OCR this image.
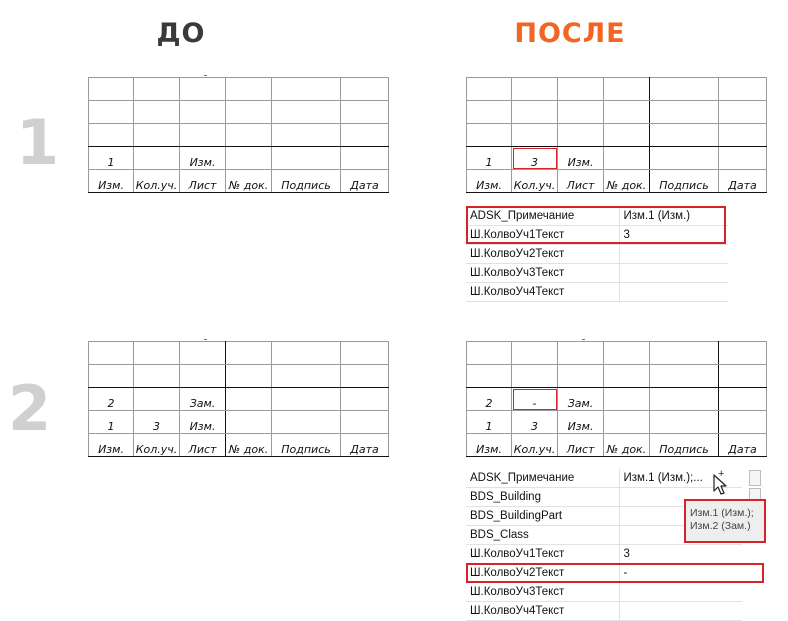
ДО	ПОСЛЕ
1
2

1		Изм.			
Изм.	Кол.уч.	Лист	№ док.	Подпись	Дата

1	3	Изм.			
Изм.	Кол.уч.	Лист	№ док.	Подпись	Дата
ADSK_Примечание	Изм.1 (Изм.)
Ш.КолвоУч1Текст	3
Ш.КолвоУч2Текст	
Ш.КолвоУч3Текст	
Ш.КолвоУч4Текст	

2		Зам.			
1	3	Изм.			
Изм.	Кол.уч.	Лист	№ док.	Подпись	Дата

2	-	Зам.			
1	3	Изм.			
Изм.	Кол.уч.	Лист	№ док.	Подпись	Дата
ADSK_Примечание	Изм.1 (Изм.);...
BDS_Building	
BDS_BuildingPart	
BDS_Class	
Ш.КолвоУч1Текст	3
Ш.КолвоУч2Текст	-
Ш.КолвоУч3Текст	
Ш.КолвоУч4Текст	
+
Изм.1 (Изм.);
Изм.2 (Зам.)
